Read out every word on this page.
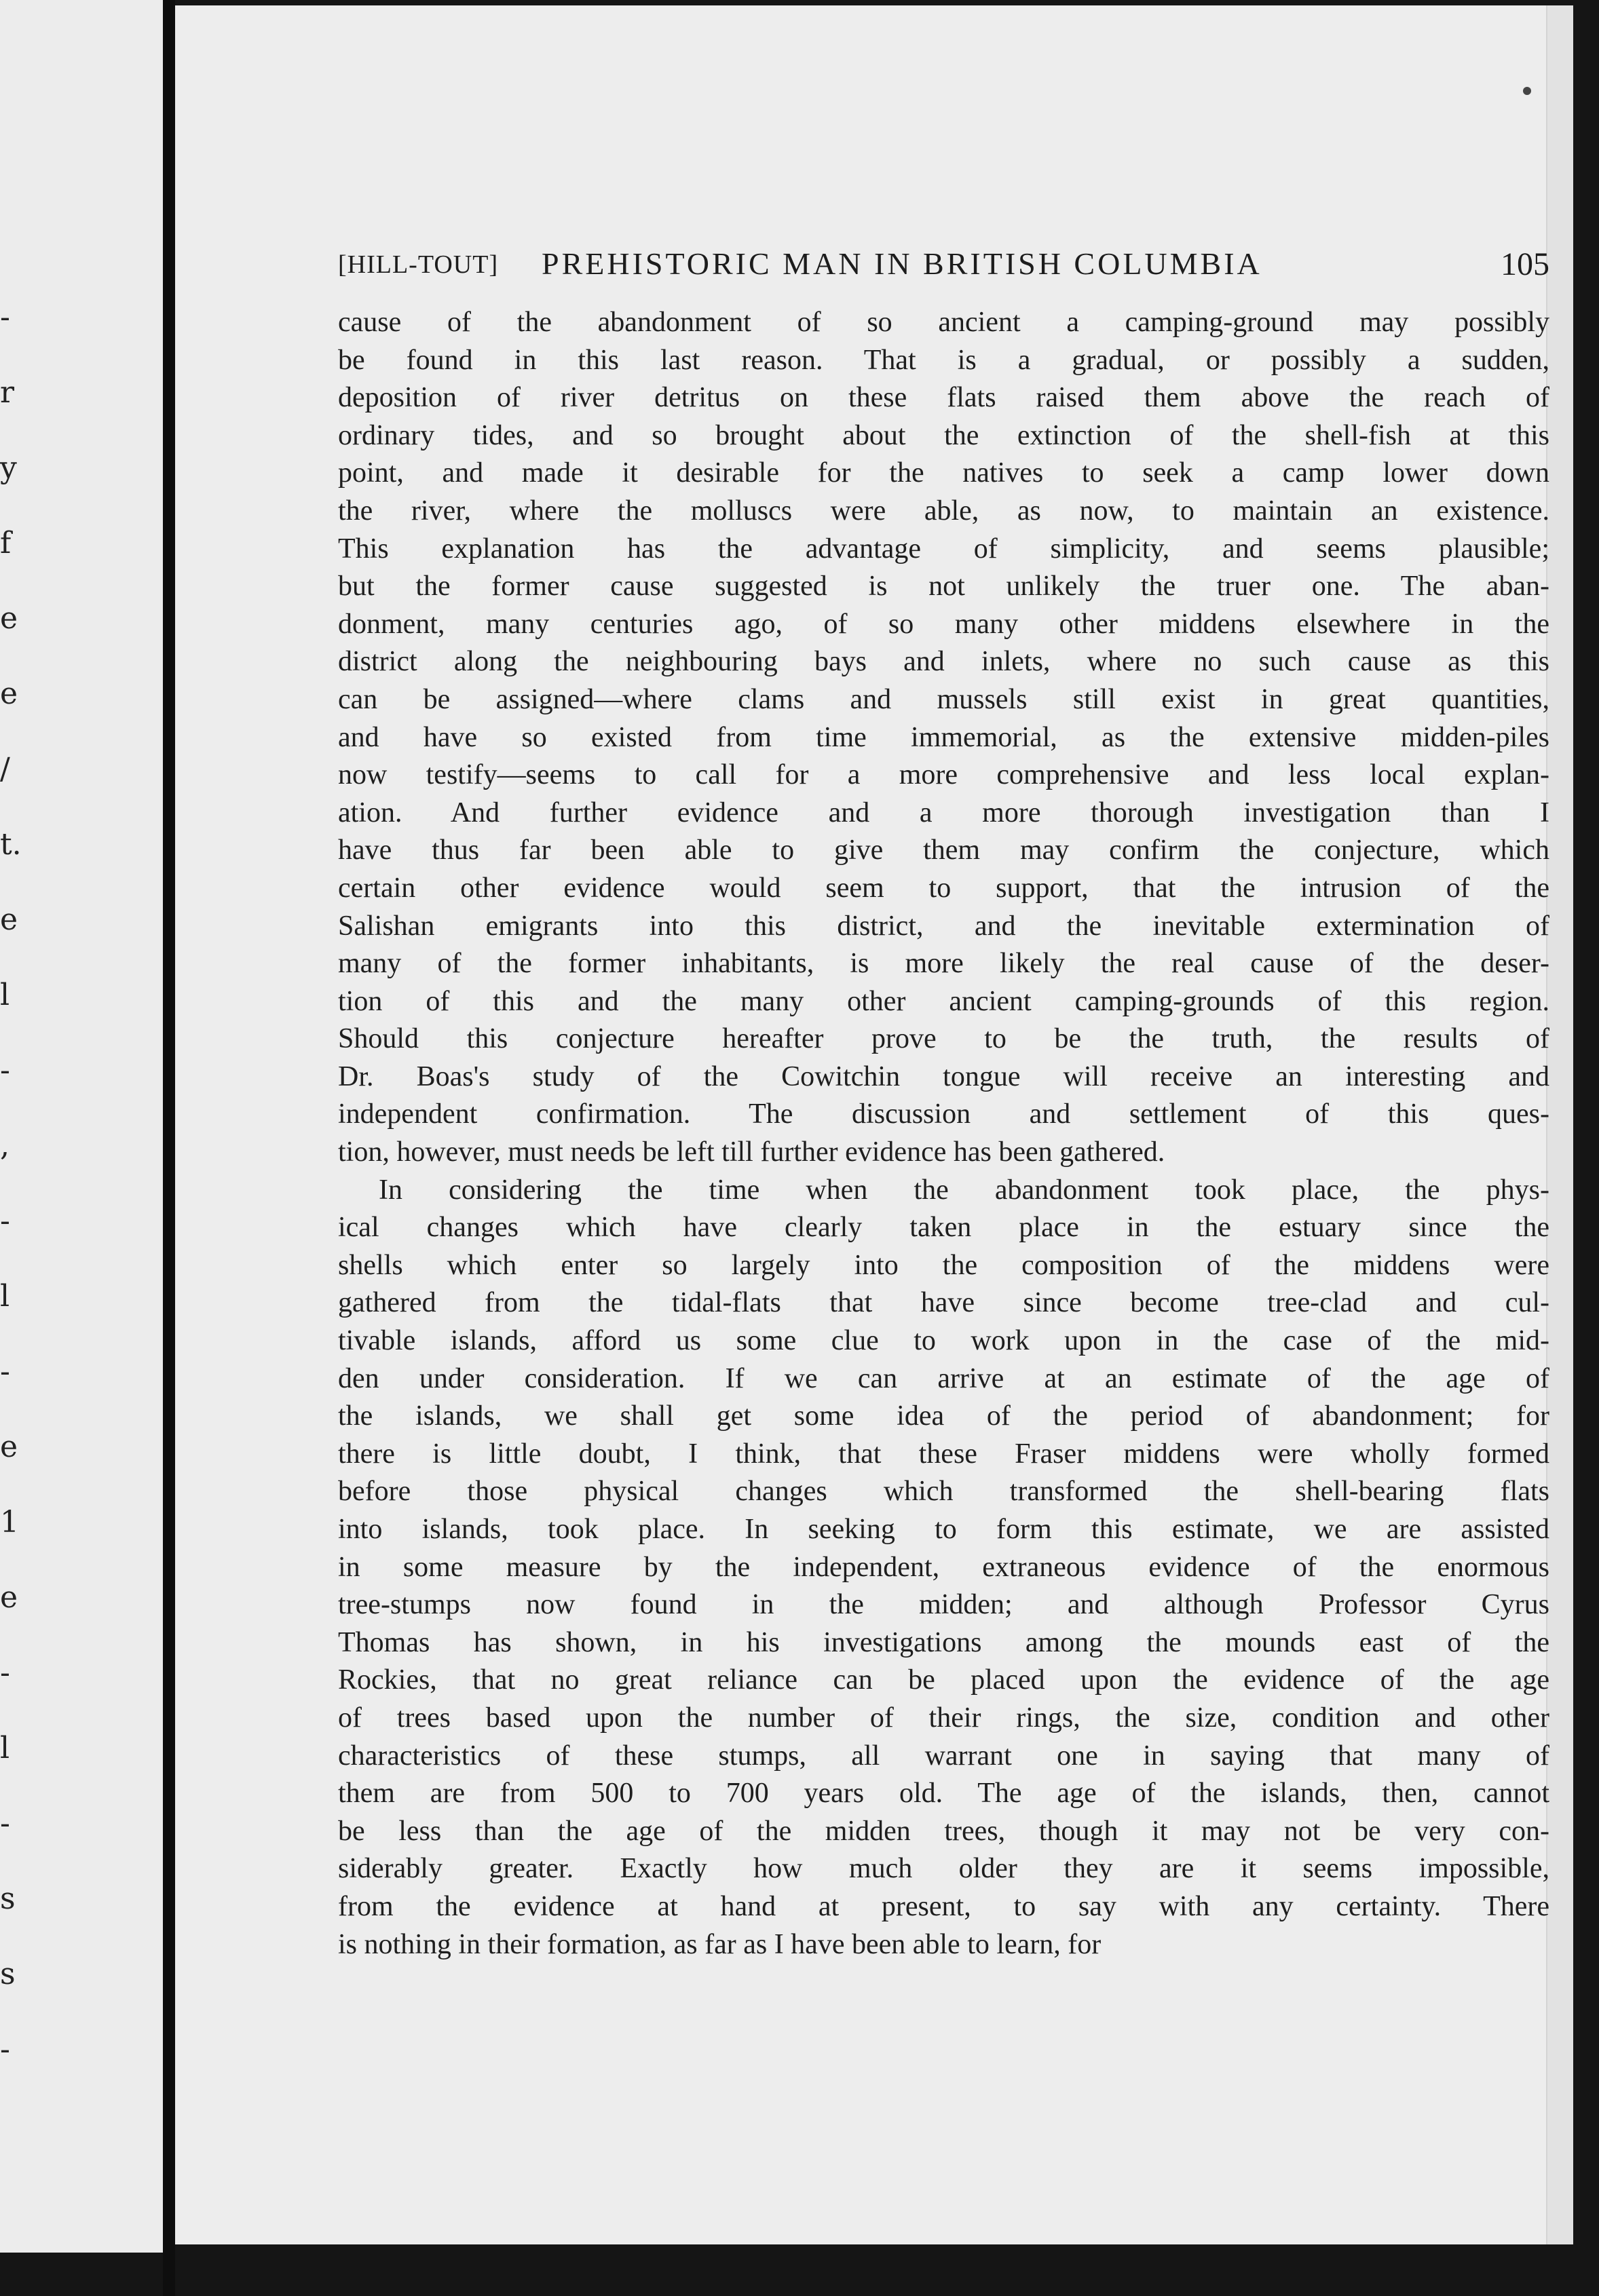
-
r
y
f
e
e
/
t.
e
l
-
,
-
l
-
e
1
e
-
l
-
s
s
-
[HILL-TOUT] PREHISTORIC MAN IN BRITISH COLUMBIA	105
cause of the abandonment of so ancient a camping-ground may possibly
be found in this last reason. That is a gradual, or possibly a sudden,
deposition of river detritus on these flats raised them above the reach of
ordinary tides, and so brought about the extinction of the shell-fish at this
point, and made it desirable for the natives to seek a camp lower down
the river, where the molluscs were able, as now, to maintain an existence.
This explanation has the advantage of simplicity, and seems plausible;
but the former cause suggested is not unlikely the truer one. The aban-
donment, many centuries ago, of so many other middens elsewhere in the
district along the neighbouring bays and inlets, where no such cause as this
can be assigned—where clams and mussels still exist in great quantities,
and have so existed from time immemorial, as the extensive midden-piles
now testify—seems to call for a more comprehensive and less local explan-
ation. And further evidence and a more thorough investigation than I
have thus far been able to give them may confirm the conjecture, which
certain other evidence would seem to support, that the intrusion of the
Salishan emigrants into this district, and the inevitable extermination of
many of the former inhabitants, is more likely the real cause of the deser-
tion of this and the many other ancient camping-grounds of this region.
Should this conjecture hereafter prove to be the truth, the results of
Dr. Boas's study of the Cowitchin tongue will receive an interesting and
independent confirmation. The discussion and settlement of this ques-
tion, however, must needs be left till further evidence has been gathered.
In considering the time when the abandonment took place, the phys-
ical changes which have clearly taken place in the estuary since the
shells which enter so largely into the composition of the middens were
gathered from the tidal-flats that have since become tree-clad and cul-
tivable islands, afford us some clue to work upon in the case of the mid-
den under consideration. If we can arrive at an estimate of the age of
the islands, we shall get some idea of the period of abandonment; for
there is little doubt, I think, that these Fraser middens were wholly formed
before those physical changes which transformed the shell-bearing flats
into islands, took place. In seeking to form this estimate, we are assisted
in some measure by the independent, extraneous evidence of the enormous
tree-stumps now found in the midden; and although Professor Cyrus
Thomas has shown, in his investigations among the mounds east of the
Rockies, that no great reliance can be placed upon the evidence of the age
of trees based upon the number of their rings, the size, condition and other
characteristics of these stumps, all warrant one in saying that many of
them are from 500 to 700 years old. The age of the islands, then, cannot
be less than the age of the midden trees, though it may not be very con-
siderably greater. Exactly how much older they are it seems impossible,
from the evidence at hand at present, to say with any certainty. There
is nothing in their formation, as far as I have been able to learn, for
